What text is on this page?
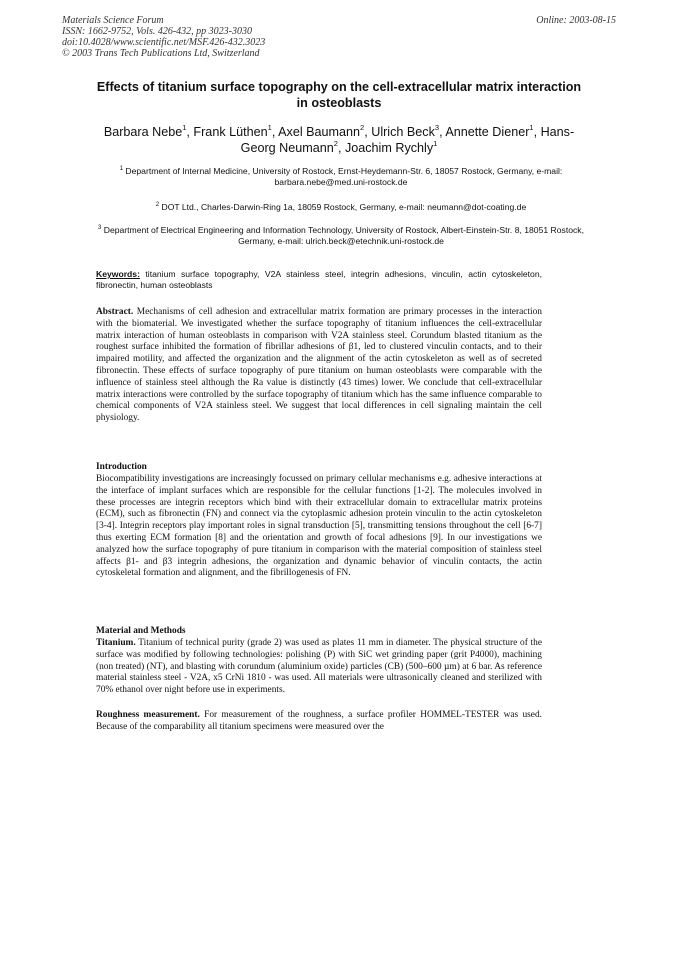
Materials Science Forum
ISSN: 1662-9752, Vols. 426-432, pp 3023-3030
doi:10.4028/www.scientific.net/MSF.426-432.3023
© 2003 Trans Tech Publications Ltd, Switzerland
Online: 2003-08-15
Effects of titanium surface topography on the cell-extracellular matrix interaction in osteoblasts
Barbara Nebe$^1$, Frank Lüthen$^1$, Axel Baumann$^2$, Ulrich Beck$^3$, Annette Diener$^1$, Hans-Georg Neumann$^2$, Joachim Rychly$^1$
$^1$ Department of Internal Medicine, University of Rostock, Ernst-Heydemann-Str. 6, 18057 Rostock, Germany, e-mail: barbara.nebe@med.uni-rostock.de
$^2$ DOT Ltd., Charles-Darwin-Ring 1a, 18059 Rostock, Germany, e-mail: neumann@dot-coating.de
$^3$ Department of Electrical Engineering and Information Technology, University of Rostock, Albert-Einstein-Str. 8, 18051 Rostock, Germany, e-mail: ulrich.beck@etechnik.uni-rostock.de
Keywords: titanium surface topography, V2A stainless steel, integrin adhesions, vinculin, actin cytoskeleton, fibronectin, human osteoblasts
Abstract. Mechanisms of cell adhesion and extracellular matrix formation are primary processes in the interaction with the biomaterial. We investigated whether the surface topography of titanium influences the cell-extracellular matrix interaction of human osteoblasts in comparison with V2A stainless steel. Corundum blasted titanium as the roughest surface inhibited the formation of fibrillar adhesions of β1, led to clustered vinculin contacts, and to their impaired motility, and affected the organization and the alignment of the actin cytoskeleton as well as of secreted fibronectin. These effects of surface topography of pure titanium on human osteoblasts were comparable with the influence of stainless steel although the Ra value is distinctly (43 times) lower. We conclude that cell-extracellular matrix interactions were controlled by the surface topography of titanium which has the same influence comparable to chemical components of V2A stainless steel. We suggest that local differences in cell signaling maintain the cell physiology.
Introduction
Biocompatibility investigations are increasingly focussed on primary cellular mechanisms e.g. adhesive interactions at the interface of implant surfaces which are responsible for the cellular functions [1-2]. The molecules involved in these processes are integrin receptors which bind with their extracellular domain to extracellular matrix proteins (ECM), such as fibronectin (FN) and connect via the cytoplasmic adhesion protein vinculin to the actin cytoskeleton [3-4]. Integrin receptors play important roles in signal transduction [5], transmitting tensions throughout the cell [6-7] thus exerting ECM formation [8] and the orientation and growth of focal adhesions [9]. In our investigations we analyzed how the surface topography of pure titanium in comparison with the material composition of stainless steel affects β1- and β3 integrin adhesions, the organization and dynamic behavior of vinculin contacts, the actin cytoskeletal formation and alignment, and the fibrillogenesis of FN.
Material and Methods
Titanium. Titanium of technical purity (grade 2) was used as plates 11 mm in diameter. The physical structure of the surface was modified by following technologies: polishing (P) with SiC wet grinding paper (grit P4000), machining (non treated) (NT), and blasting with corundum (aluminium oxide) particles (CB) (500–600 µm) at 6 bar. As reference material stainless steel - V2A, x5 CrNi 1810 - was used. All materials were ultrasonically cleaned and sterilized with 70% ethanol over night before use in experiments.
Roughness measurement. For measurement of the roughness, a surface profiler HOMMEL-TESTER was used. Because of the comparability all titanium specimens were measured over the
